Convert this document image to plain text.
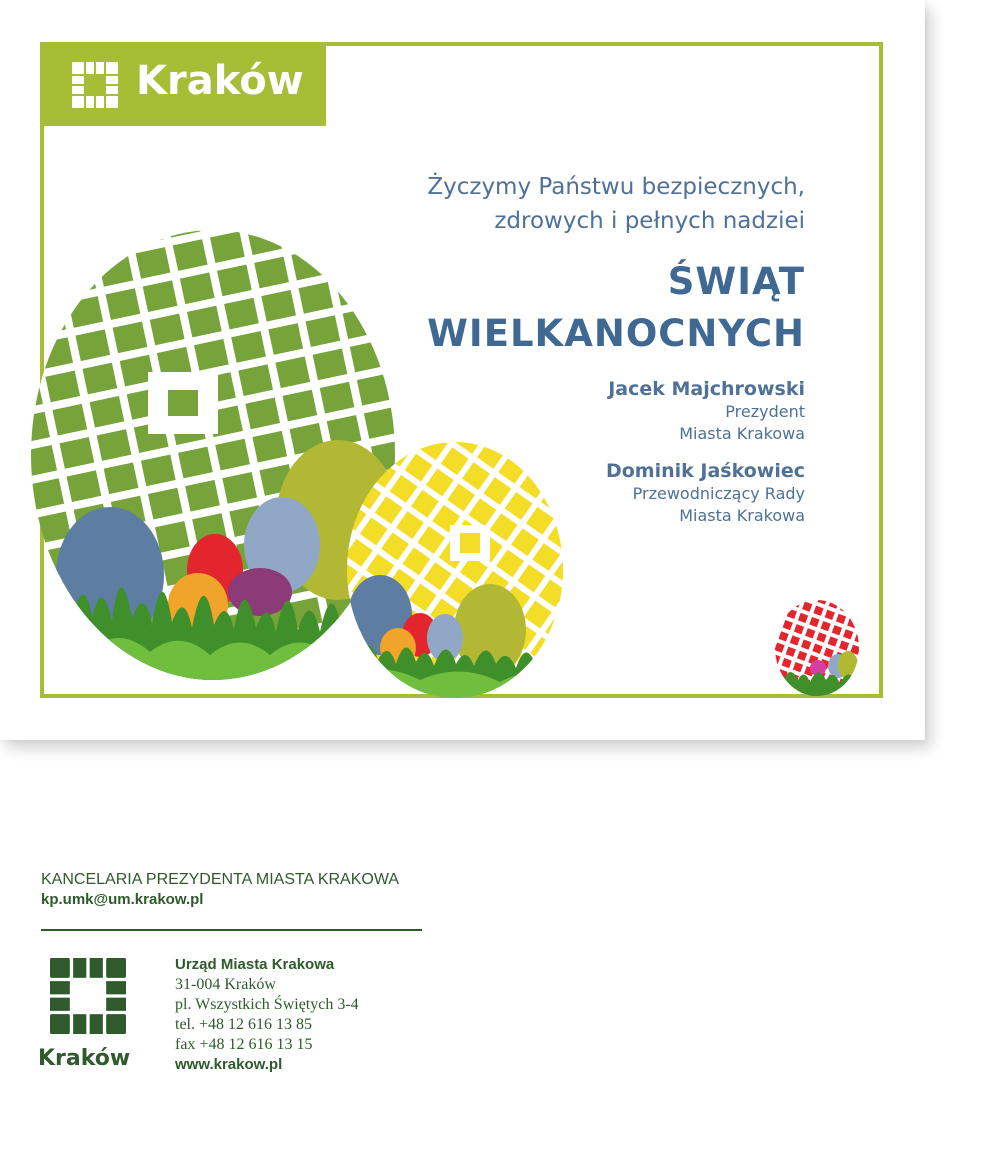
Kraków
Życzymy Państwu bezpiecznych,
zdrowych i pełnych nadziei
ŚWIĄT
WIELKANOCNYCH
Jacek Majchrowski
Prezydent
Miasta Krakowa
Dominik Jaśkowiec
Przewodniczący Rady
Miasta Krakowa
KANCELARIA PREZYDENTA MIASTA KRAKOWA
kp.umk@um.krakow.pl
Kraków
Urząd Miasta Krakowa
31-004 Kraków
pl. Wszystkich Świętych 3-4
tel. +48 12 616 13 85
fax +48 12 616 13 15
www.krakow.pl
